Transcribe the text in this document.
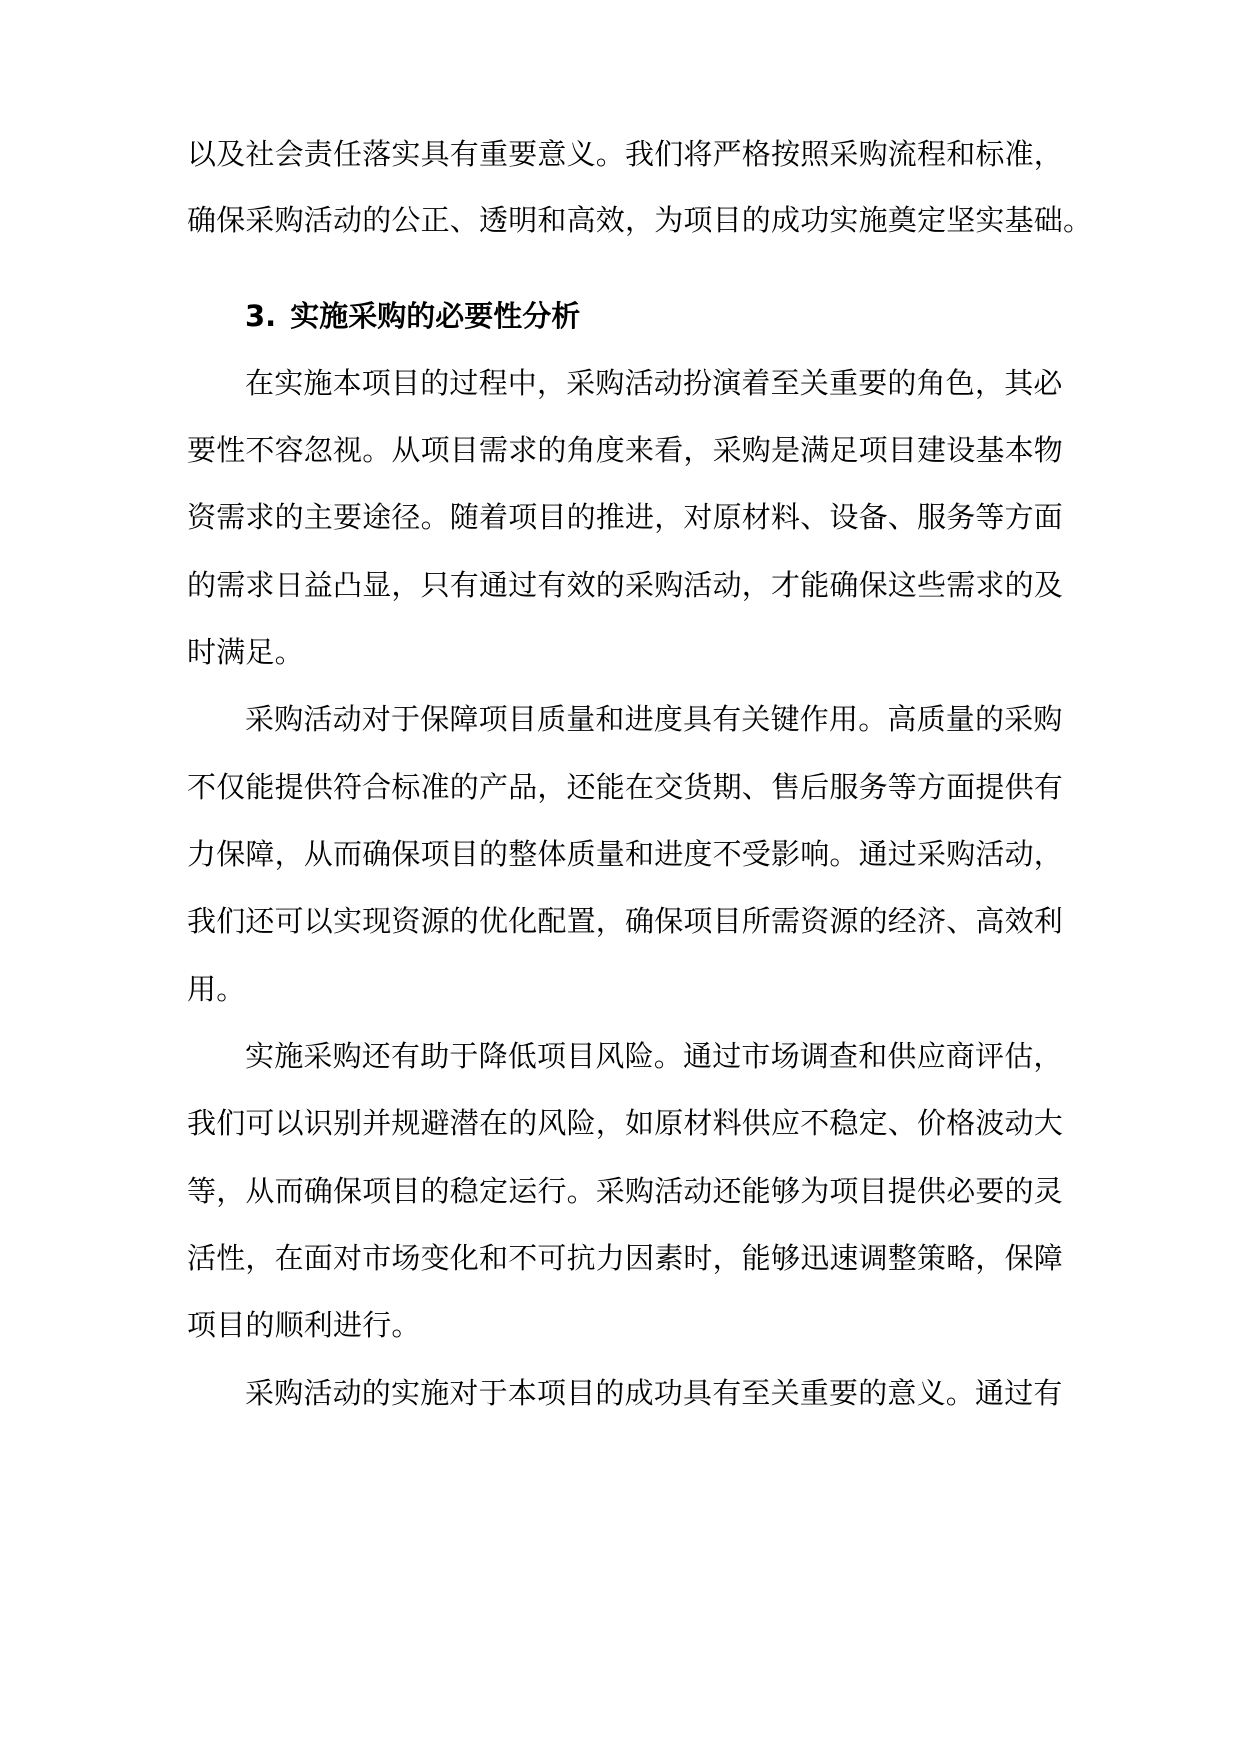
以及社会责任落实具有重要意义。我们将严格按照采购流程和标准，

确保采购活动的公正、透明和高效，为项目的成功实施奠定坚实基础。

3. 实施采购的必要性分析

在实施本项目的过程中，采购活动扮演着至关重要的角色，其必

要性不容忽视。从项目需求的角度来看，采购是满足项目建设基本物

资需求的主要途径。随着项目的推进，对原材料、设备、服务等方面

的需求日益凸显，只有通过有效的采购活动，才能确保这些需求的及

时满足。

采购活动对于保障项目质量和进度具有关键作用。高质量的采购

不仅能提供符合标准的产品，还能在交货期、售后服务等方面提供有

力保障，从而确保项目的整体质量和进度不受影响。通过采购活动，

我们还可以实现资源的优化配置，确保项目所需资源的经济、高效利

用。

实施采购还有助于降低项目风险。通过市场调查和供应商评估，

我们可以识别并规避潜在的风险，如原材料供应不稳定、价格波动大

等，从而确保项目的稳定运行。采购活动还能够为项目提供必要的灵

活性，在面对市场变化和不可抗力因素时，能够迅速调整策略，保障

项目的顺利进行。

采购活动的实施对于本项目的成功具有至关重要的意义。通过有
